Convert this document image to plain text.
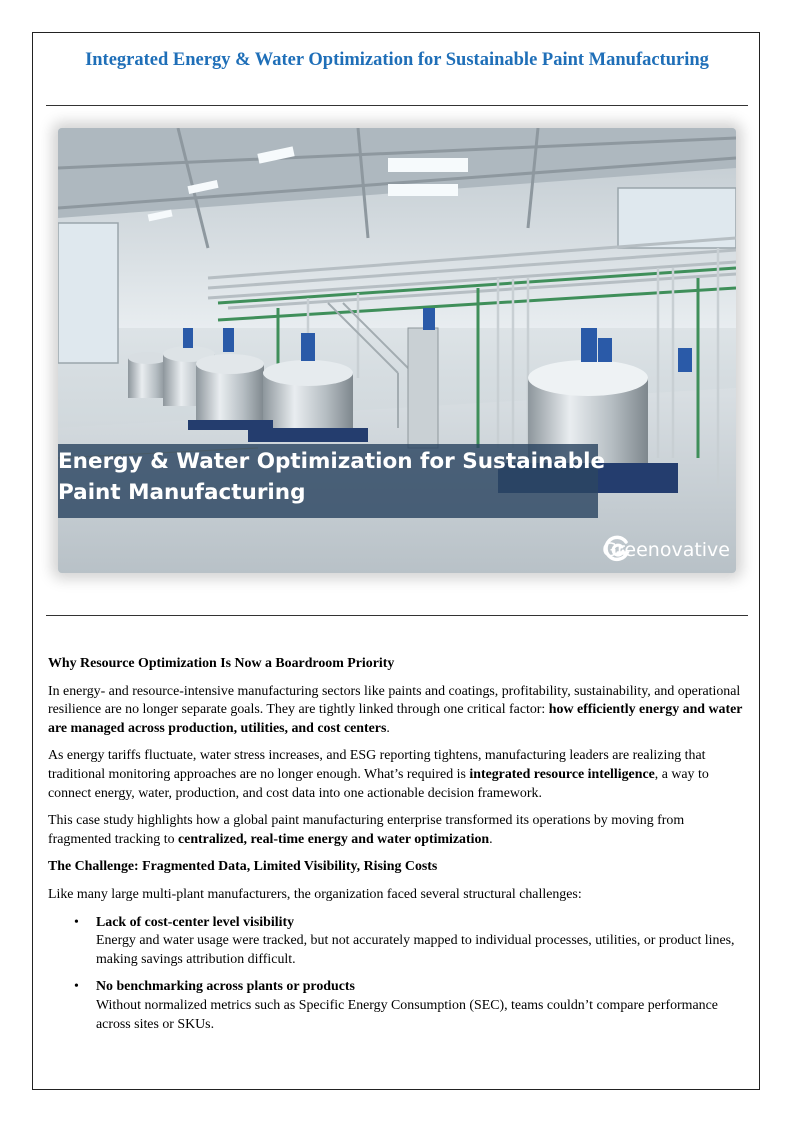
Integrated Energy & Water Optimization for Sustainable Paint Manufacturing
Energy & Water Optimization for Sustainable
Paint Manufacturing
Greenovative
Why Resource Optimization Is Now a Boardroom Priority

In energy- and resource-intensive manufacturing sectors like paints and coatings, profitability, sustainability, and operational resilience are no longer separate goals. They are tightly linked through one critical factor: how efficiently energy and water are managed across production, utilities, and cost centers.

As energy tariffs fluctuate, water stress increases, and ESG reporting tightens, manufacturing leaders are realizing that traditional monitoring approaches are no longer enough. What’s required is integrated resource intelligence, a way to connect energy, water, production, and cost data into one actionable decision framework.

This case study highlights how a global paint manufacturing enterprise transformed its operations by moving from fragmented tracking to centralized, real-time energy and water optimization.

The Challenge: Fragmented Data, Limited Visibility, Rising Costs

Like many large multi-plant manufacturers, the organization faced several structural challenges:

• Lack of cost-center level visibility
Energy and water usage were tracked, but not accurately mapped to individual processes, utilities, or product lines, making savings attribution difficult.
• No benchmarking across plants or products
Without normalized metrics such as Specific Energy Consumption (SEC), teams couldn’t compare performance across sites or SKUs.
